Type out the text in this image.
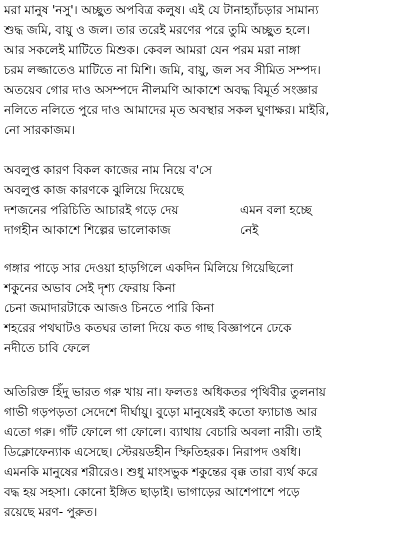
মরা মানুষ 'নসু'। অচ্ছুত অপবিত্র কলুষ। এই যে টানাহ্যাঁচড়ার সামান্য
শুদ্ধ জমি, বায়ু ও জল। তার তরেই মরণের পরে তুমি অচ্ছুত হলে।
আর সকলেই মাটিতে মিশুক। কেবল আমরা যেন পরম মরা নাঙ্গা
চরম লজ্জাতেও মাটিতে না মিশি। জমি, বায়ু, জল সব সীমিত সম্পদ।
অতয়েব গোর দাও অসম্পদে নীলমণি আকাশে অবদ্ধ বিমূর্ত সংজ্ঞার
নলিতে নলিতে পুরে দাও আমাদের মৃত অবস্থার সকল ঘুণাক্ষর। মাইরি,
নো সারকাজম।
অবলুপ্ত কারণ বিকল কাজের নাম নিয়ে ব'সে
অবলুপ্ত কাজ কারণকে ঝুলিয়ে দিয়েছে
দশজনের পরিচিতি আচারই গড়ে দেয়	এমন বলা হচ্ছে
দাগহীন আকাশে শিল্পের ভালোকাজ	নেই
গঙ্গার পাড়ে সার দেওয়া হাড়গিলে একদিন মিলিয়ে গিয়েছিলো
শকুনের অভাব সেই দৃশ্য ফেরায় কিনা
চেনা জমাদারটাকে আজও চিনতে পারি কিনা
শহরের পথঘাটও কতঘর তালা দিয়ে কত গাছ বিজ্ঞাপনে ঢেকে
নদীতে চাবি ফেলে
অতিরিক্ত হিঁদু ভারত গরু খায় না। ফলতঃ অধিকতর পৃথিবীর তুলনায়
গাভী গড়পড়তা সেদেশে দীর্ঘায়ু। বুড়ো মানুষেরই কতো ফ্যাচাঙ আর
এতো গরু। গাঁট ফোলে গা ফোলে। ব্যাথায় বেচারি অবলা নারী। তাই
ডিক্লোফেন্যাক এসেছে। স্টেরয়ডহীন স্ফিতিহরক। নিরাপদ ওষধি।
এমনকি মানুষের শরীরেও। শুধু মাংসভুক শকুন্তের বৃক্ক তারা ব্যর্থ করে
বদ্ধ হয় সহসা। কোনো ইঙ্গিত ছাড়াই। ভাগাড়ের আশেপাশে পড়ে
রয়েছে মরণ- পুরুত।
